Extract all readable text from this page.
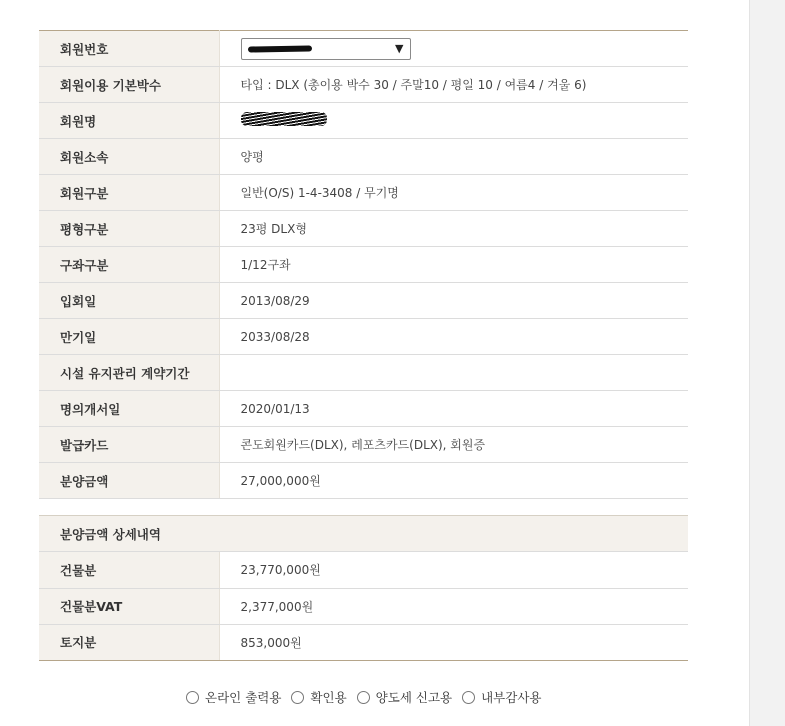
회원번호	▼

회원이용 기본박수	타입 : DLX (총이용 박수 30 / 주말10 / 평일 10 / 여름4 / 겨울 6)
회원명	
회원소속	양평
회원구분	일반(O/S) 1-4-3408 / 무기명
평형구분	23평 DLX형
구좌구분	1/12구좌
입회일	2013/08/29
만기일	2033/08/28
시설 유지관리 계약기간	
명의개서일	2020/01/13
발급카드	콘도회원카드(DLX), 레포츠카드(DLX), 회원증
분양금액	27,000,000원
분양금액 상세내역
건물분	23,770,000원
건물분VAT	2,377,000원
토지분	853,000원
온라인 출력용 확인용 양도세 신고용 내부감사용
